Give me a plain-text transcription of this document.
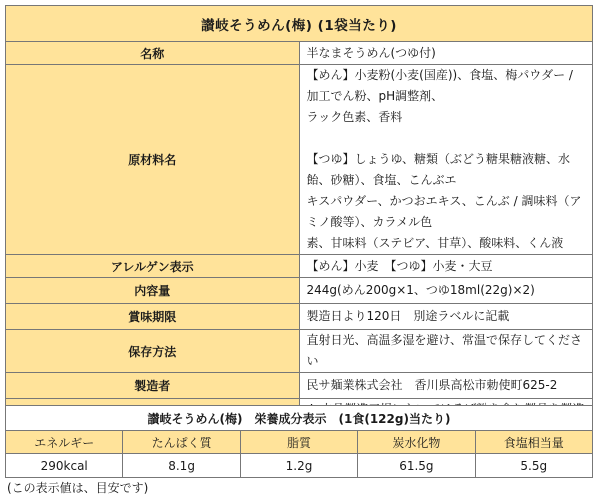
讃岐そうめん(梅) (1袋当たり)	
名称	半なまそうめん(つゆ付)

原材料名	【めん】小麦粉(小麦(国産))、食塩、梅パウダー / 加工でん粉、pH調整剤、

ラック色素、香料

【つゆ】しょうゆ、糖類（ぶどう糖果糖液糖、水飴、砂糖）、食塩、こんぶエ

キスパウダー、かつおエキス、こんぶ / 調味料（アミノ酸等）、カラメル色

素、甘味料（ステビア、甘草）、酸味料、くん液

アレルゲン表示	【めん】小麦　【つゆ】小麦・大豆

内容量	244g(めん200g×1、つゆ18ml(22g)×2)

賞味期限	製造日より120日　別途ラベルに記載

保存方法	直射日光、高温多湿を避け、常温で保存してください

製造者	民サ麺業株式会社　香川県高松市勅使町625-2

讃岐そうめん(梅)　栄養成分表示　(1食(122g)当たり)				
エネルギー	たんぱく質	脂質	炭水化物	食塩相当量
290kcal	8.1g	1.2g	61.5g	5.5g
(この表示値は、目安です)
